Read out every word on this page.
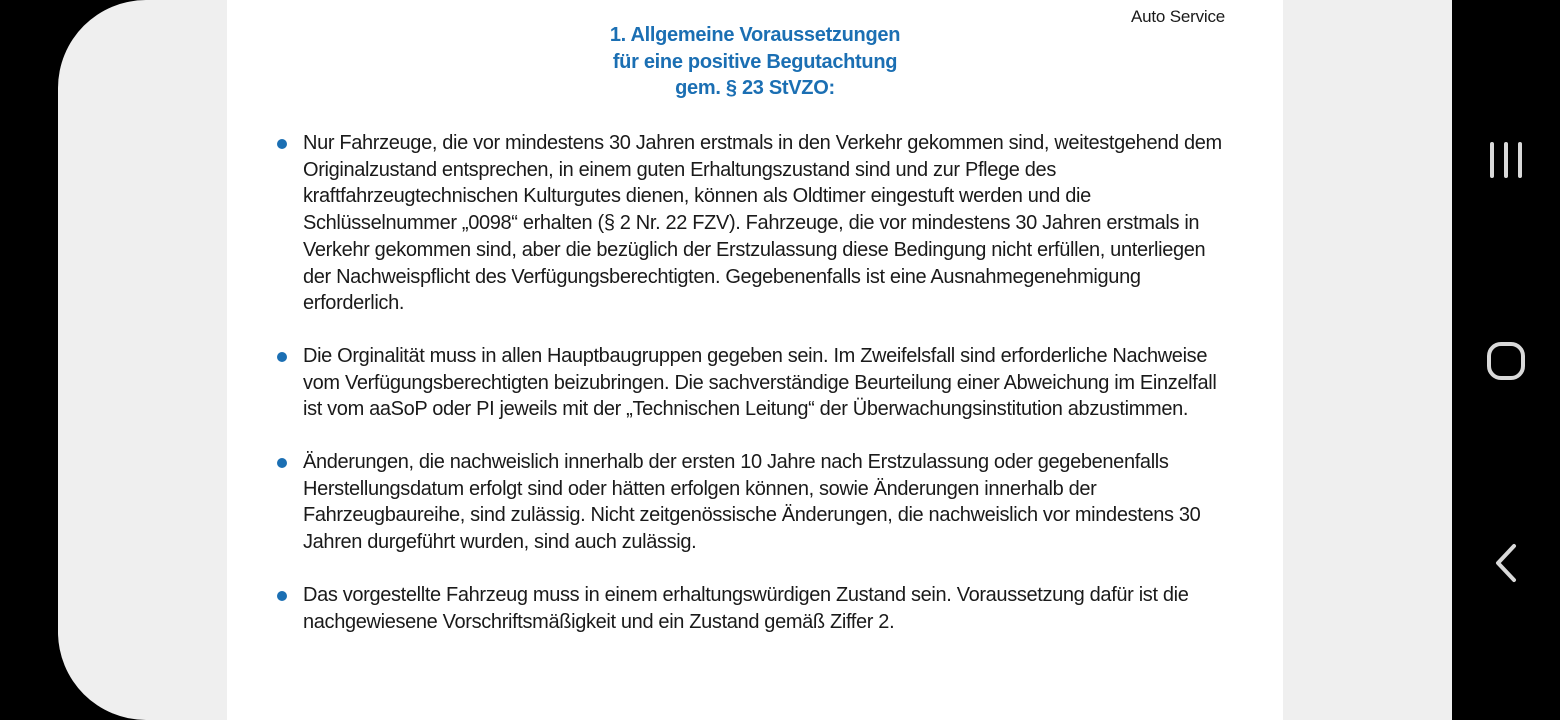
Auto Service
1. Allgemeine Voraussetzungen
für eine positive Begutachtung
gem. § 23 StVZO:
Nur Fahrzeuge, die vor mindestens 30 Jahren erstmals in den Verkehr gekommen sind, weitestgehend dem Originalzustand entsprechen, in einem guten Erhaltungszustand sind und zur Pflege des kraftfahrzeugtechnischen Kulturgutes dienen, können als Oldtimer eingestuft werden und die Schlüsselnummer „0098“ erhalten (§ 2 Nr. 22 FZV). Fahrzeuge, die vor mindestens 30 Jahren erstmals in Verkehr gekommen sind, aber die bezüglich der Erstzulassung diese Bedingung nicht erfüllen, unterliegen der Nachweispflicht des Verfügungsberechtigten. Gegebenenfalls ist eine Ausnahmegenehmigung erforderlich.
Die Orginalität muss in allen Hauptbaugruppen gegeben sein. Im Zweifelsfall sind erforderliche Nachweise vom Verfügungsberechtigten beizubringen. Die sachverständige Beurteilung einer Abweichung im Einzelfall ist vom aaSoP oder PI jeweils mit der „Technischen Leitung“ der Überwachungsinstitution abzustimmen.
Änderungen, die nachweislich innerhalb der ersten 10 Jahre nach Erstzulassung oder gegebenenfalls Herstellungsdatum erfolgt sind oder hätten erfolgen können, sowie Änderungen innerhalb der Fahrzeugbaureihe, sind zulässig. Nicht zeitgenössische Änderungen, die nachweislich vor mindestens 30 Jahren durgeführt wurden, sind auch zulässig.
Das vorgestellte Fahrzeug muss in einem erhaltungswürdigen Zustand sein. Voraussetzung dafür ist die nachgewiesene Vorschriftsmäßigkeit und ein Zustand gemäß Ziffer 2.
